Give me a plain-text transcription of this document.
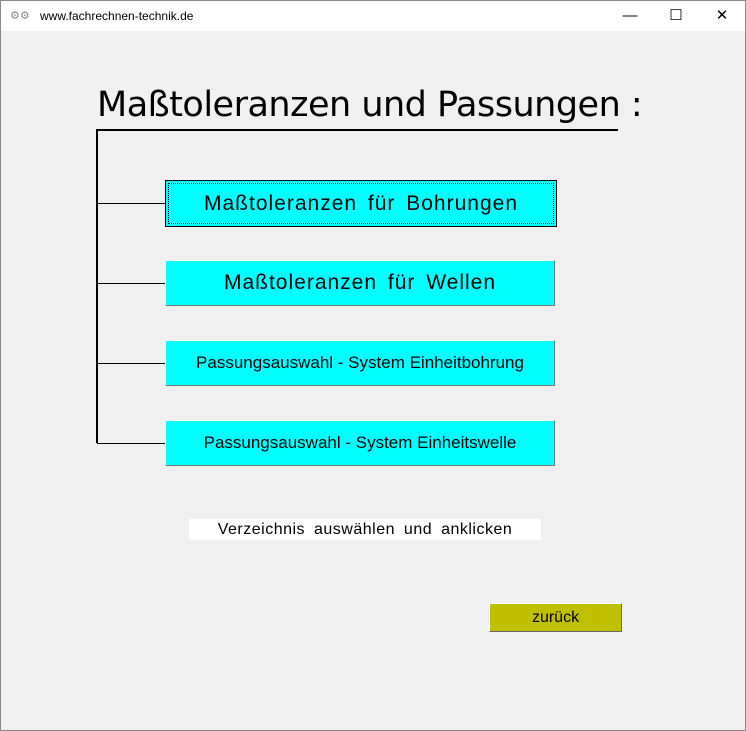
⚙⚙ www.fachrechnen-technik.de	—	☐	✕
Maßtoleranzen und Passungen :
Maßtoleranzen für Bohrungen
Maßtoleranzen für Wellen
Passungsauswahl - System Einheitbohrung
Passungsauswahl - System Einheitswelle
Verzeichnis auswählen und anklicken
zurück
